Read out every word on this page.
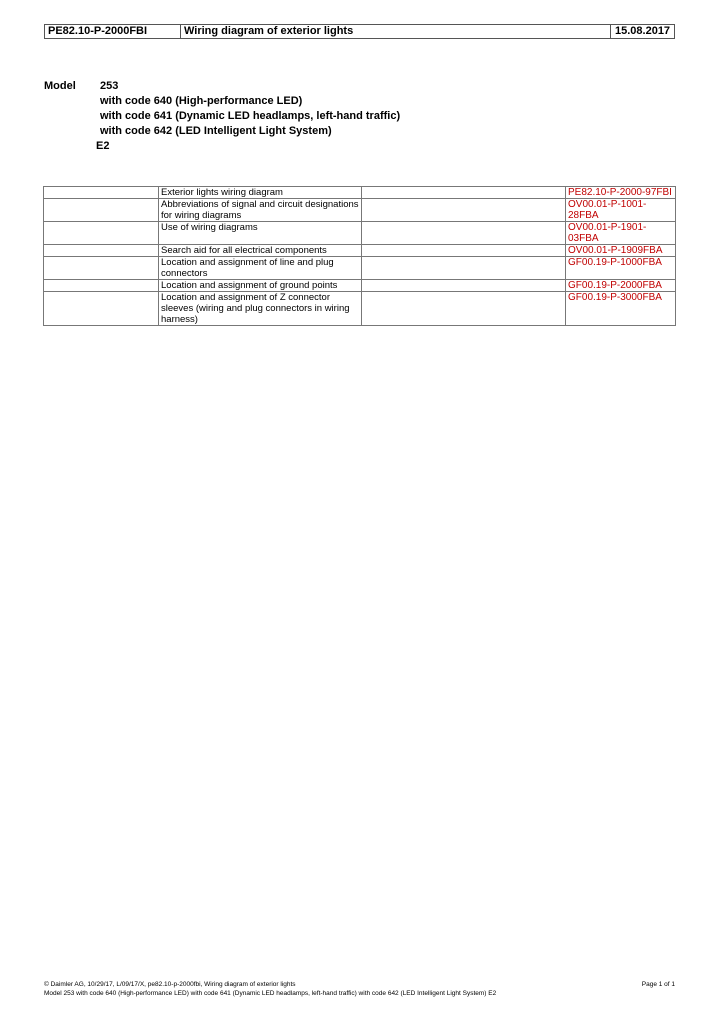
PE82.10-P-2000FBI	Wiring diagram of exterior lights	15.08.2017
Model	253
with code 640 (High-performance LED)
with code 641 (Dynamic LED headlamps, left-hand traffic)
with code 642 (LED Intelligent Light System)
E2
	Exterior lights wiring diagram		PE82.10-P-2000-97FBI
	Abbreviations of signal and circuit designations for wiring diagrams		OV00.01-P-1001-28FBA
	Use of wiring diagrams		OV00.01-P-1901-03FBA
	Search aid for all electrical components		OV00.01-P-1909FBA
	Location and assignment of line and plug connectors		GF00.19-P-1000FBA
	Location and assignment of ground points		GF00.19-P-2000FBA
	Location and assignment of Z connector sleeves (wiring and plug connectors in wiring harness)		GF00.19-P-3000FBA
© Daimler AG, 10/29/17, L/09/17/X, pe82.10-p-2000fbi, Wiring diagram of exterior lights
Model 253 with code 640 (High-performance LED) with code 641 (Dynamic LED headlamps, left-hand traffic) with code 642 (LED Intelligent Light System) E2
Page 1 of 1
